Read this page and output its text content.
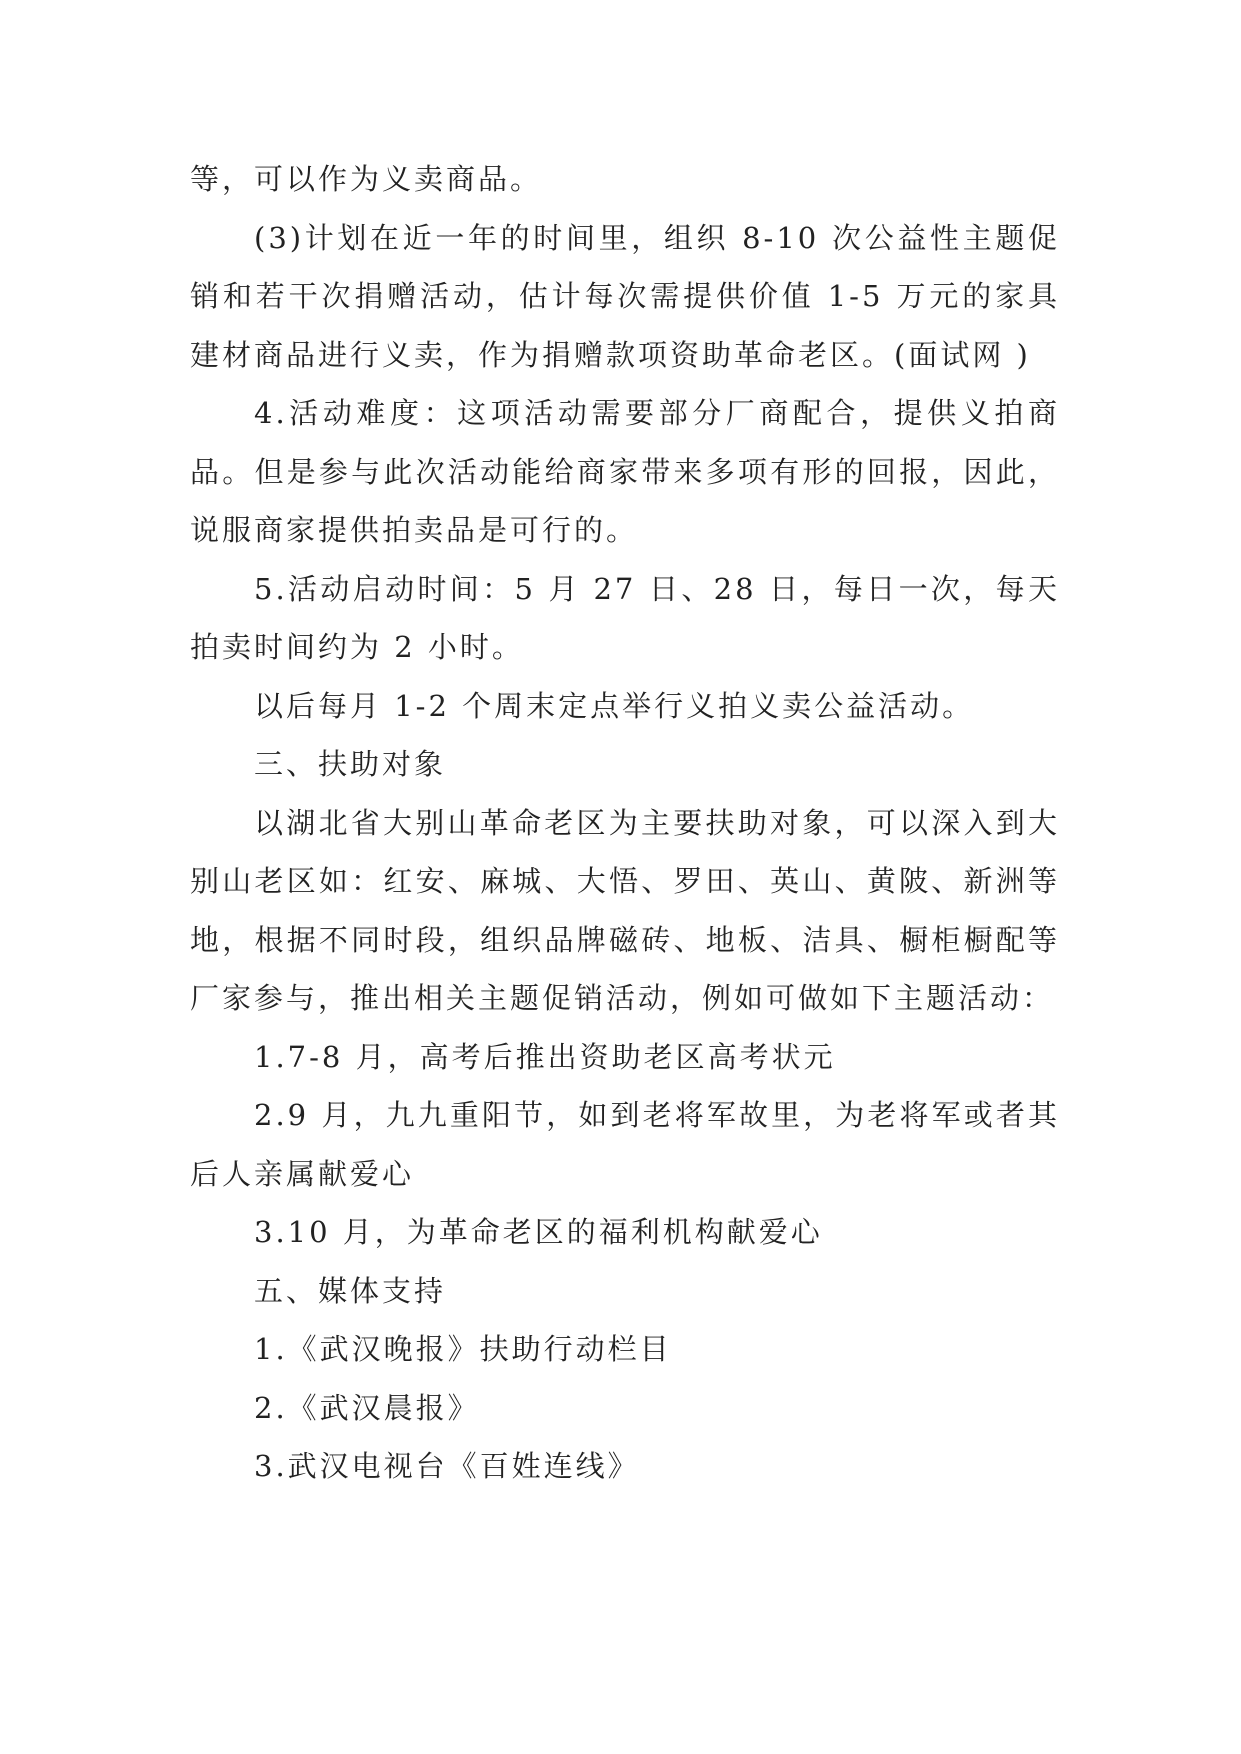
等，可以作为义卖商品。

(3)计划在近一年的时间里，组织 8-10 次公益性主题促销和若干次捐赠活动，估计每次需提供价值 1-5 万元的家具建材商品进行义卖，作为捐赠款项资助革命老区。(面试网 )

4.活动难度：这项活动需要部分厂商配合，提供义拍商品。但是参与此次活动能给商家带来多项有形的回报，因此，说服商家提供拍卖品是可行的。

5.活动启动时间：5 月 27 日、28 日，每日一次，每天拍卖时间约为 2 小时。

以后每月 1-2 个周末定点举行义拍义卖公益活动。

三、扶助对象

以湖北省大别山革命老区为主要扶助对象，可以深入到大别山老区如：红安、麻城、大悟、罗田、英山、黄陂、新洲等地，根据不同时段，组织品牌磁砖、地板、洁具、橱柜橱配等厂家参与，推出相关主题促销活动，例如可做如下主题活动：

1.7-8 月，高考后推出资助老区高考状元

2.9 月，九九重阳节，如到老将军故里，为老将军或者其后人亲属献爱心

3.10 月，为革命老区的福利机构献爱心

五、媒体支持

1.《武汉晚报》扶助行动栏目

2.《武汉晨报》

3.武汉电视台《百姓连线》
